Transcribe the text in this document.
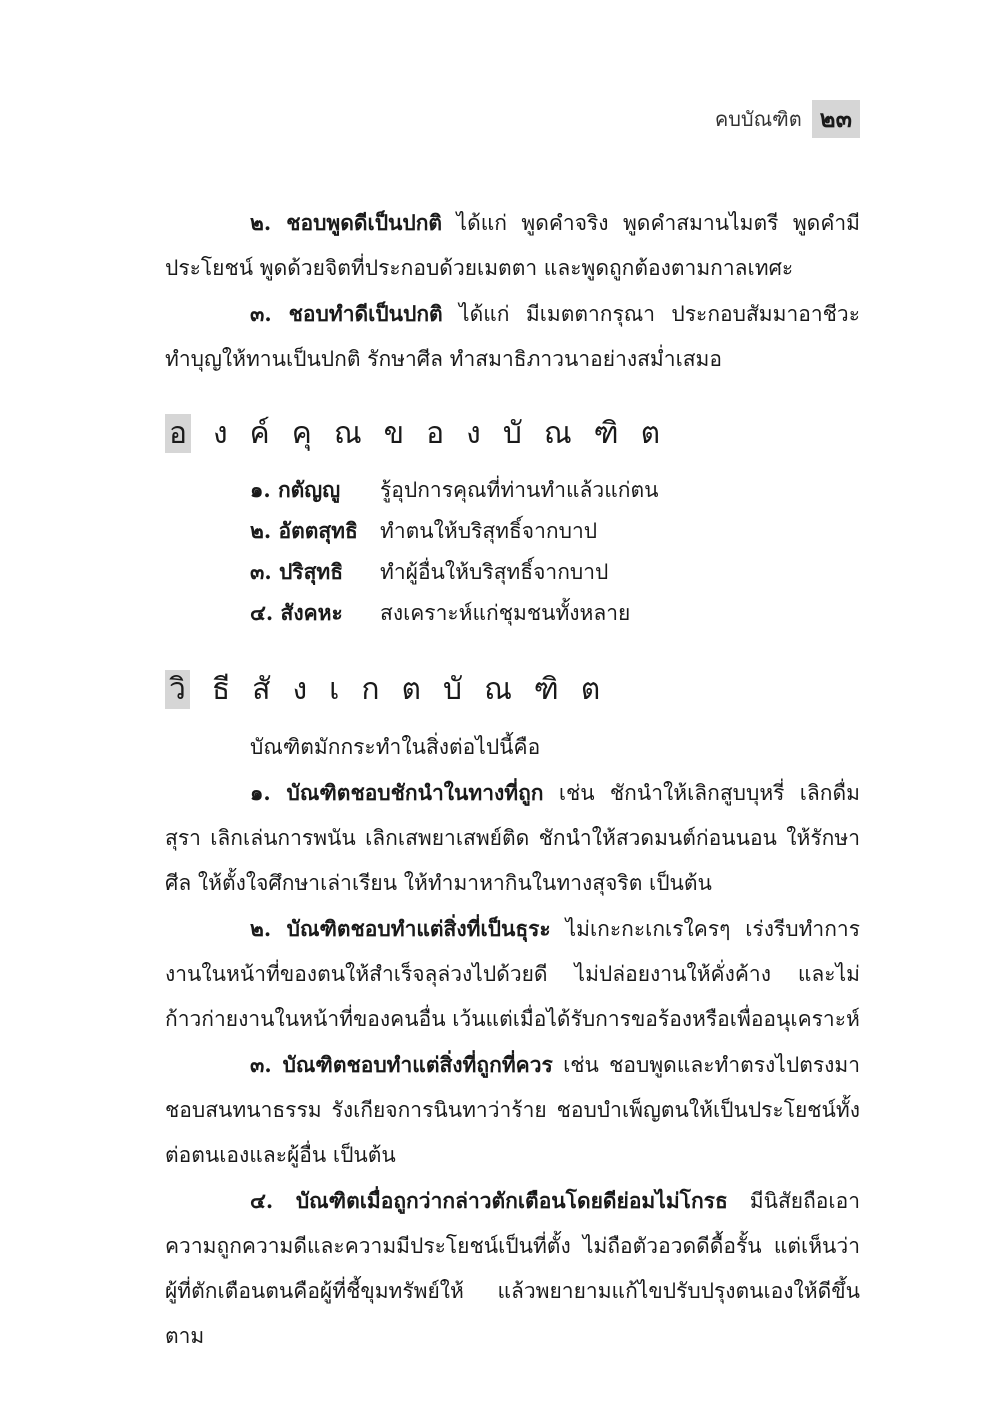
คบบัณฑิต ๒๓

๒. ชอบพูดดีเป็นปกติ ได้แก่ พูดคำจริง พูดคำสมานไมตรี พูดคำมีประโยชน์ พูดด้วยจิตที่ประกอบด้วยเมตตา และพูดถูกต้องตามกาลเทศะ

๓. ชอบทำดีเป็นปกติ ได้แก่ มีเมตตากรุณา ประกอบสัมมาอาชีวะ ทำบุญให้ทานเป็นปกติ รักษาศีล ทำสมาธิภาวนาอย่างสม่ำเสมอ

อ งค์คุณของบัณฑิต
๑. กตัญญู	รู้อุปการคุณที่ท่านทำแล้วแก่ตน
๒. อัตตสุทธิ	ทำตนให้บริสุทธิ์จากบาป
๓. ปริสุทธิ	ทำผู้อื่นให้บริสุทธิ์จากบาป
๔. สังคหะ	สงเคราะห์แก่ชุมชนทั้งหลาย
วิ ธีสังเกตบัณฑิต

บัณฑิตมักกระทำในสิ่งต่อไปนี้คือ

๑. บัณฑิตชอบชักนำในทางที่ถูก เช่น ชักนำให้เลิกสูบบุหรี่ เลิกดื่มสุรา เลิกเล่นการพนัน เลิกเสพยาเสพย์ติด ชักนำให้สวดมนต์ก่อนนอน ให้รักษาศีล ให้ตั้งใจศึกษาเล่าเรียน ให้ทำมาหากินในทางสุจริต เป็นต้น

๒. บัณฑิตชอบทำแต่สิ่งที่เป็นธุระ ไม่เกะกะเกเรใครๆ เร่งรีบทำการงานในหน้าที่ของตนให้สำเร็จลุล่วงไปด้วยดี ไม่ปล่อยงานให้คั่งค้าง และไม่ก้าวก่ายงานในหน้าที่ของคนอื่น เว้นแต่เมื่อได้รับการขอร้องหรือเพื่ออนุเคราะห์

๓. บัณฑิตชอบทำแต่สิ่งที่ถูกที่ควร เช่น ชอบพูดและทำตรงไปตรงมา ชอบสนทนาธรรม รังเกียจการนินทาว่าร้าย ชอบบำเพ็ญตนให้เป็นประโยชน์ทั้งต่อตนเองและผู้อื่น เป็นต้น

๔. บัณฑิตเมื่อถูกว่ากล่าวตักเตือนโดยดีย่อมไม่โกรธ มีนิสัยถือเอาความถูกความดีและความมีประโยชน์เป็นที่ตั้ง ไม่ถือตัวอวดดีดื้อรั้น แต่เห็นว่าผู้ที่ตักเตือนตนคือผู้ที่ชี้ขุมทรัพย์ให้ แล้วพยายามแก้ไขปรับปรุงตนเองให้ดีขึ้นตาม
